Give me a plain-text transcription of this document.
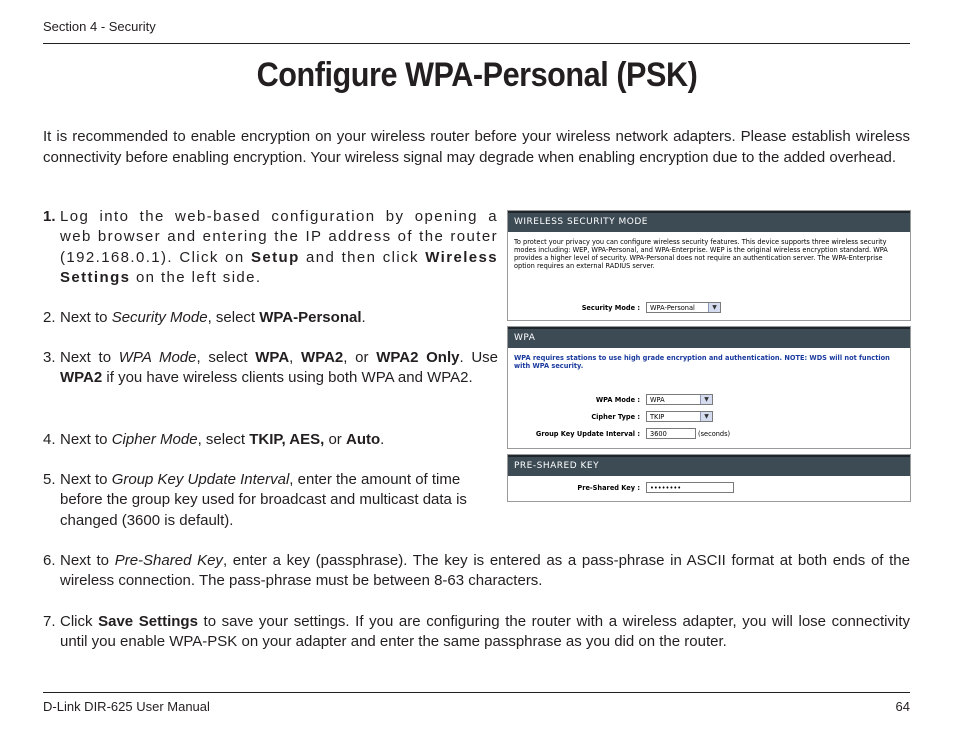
Section 4 - Security
Configure WPA-Personal (PSK)
It is recommended to enable encryption on your wireless router before your wireless network adapters. Please establish wireless connectivity before enabling encryption. Your wireless signal may degrade when enabling encryption due to the added overhead.
1. Log into the web-based configuration by opening a web browser and entering the IP address of the router (192.168.0.1). Click on Setup and then click Wireless Settings on the left side.
2. Next to Security Mode, select WPA-Personal.
3. Next to WPA Mode, select WPA, WPA2, or WPA2 Only. Use WPA2 if you have wireless clients using both WPA and WPA2.
4. Next to Cipher Mode, select TKIP, AES, or Auto.
5. Next to Group Key Update Interval, enter the amount of time before the group key used for broadcast and multicast data is changed (3600 is default).
6. Next to Pre-Shared Key, enter a key (passphrase). The key is entered as a pass-phrase in ASCII format at both ends of the wireless connection. The pass-phrase must be between 8-63 characters.
7. Click Save Settings to save your settings. If you are configuring the router with a wireless adapter, you will lose connectivity until you enable WPA-PSK on your adapter and enter the same passphrase as you did on the router.
WIRELESS SECURITY MODE
To protect your privacy you can configure wireless security features. This device supports three wireless security modes including: WEP, WPA-Personal, and WPA-Enterprise. WEP is the original wireless encryption standard. WPA provides a higher level of security. WPA-Personal does not require an authentication server. The WPA-Enterprise option requires an external RADIUS server.
Security Mode :	WPA-Personal	▼
WPA
WPA requires stations to use high grade encryption and authentication. NOTE: WDS will not function with WPA security.
WPA Mode :	WPA	▼
Cipher Type :	TKIP	▼
Group Key Update Interval :	3600	(seconds)
PRE-SHARED KEY
Pre-Shared Key :	••••••••
D-Link DIR-625 User Manual	64
